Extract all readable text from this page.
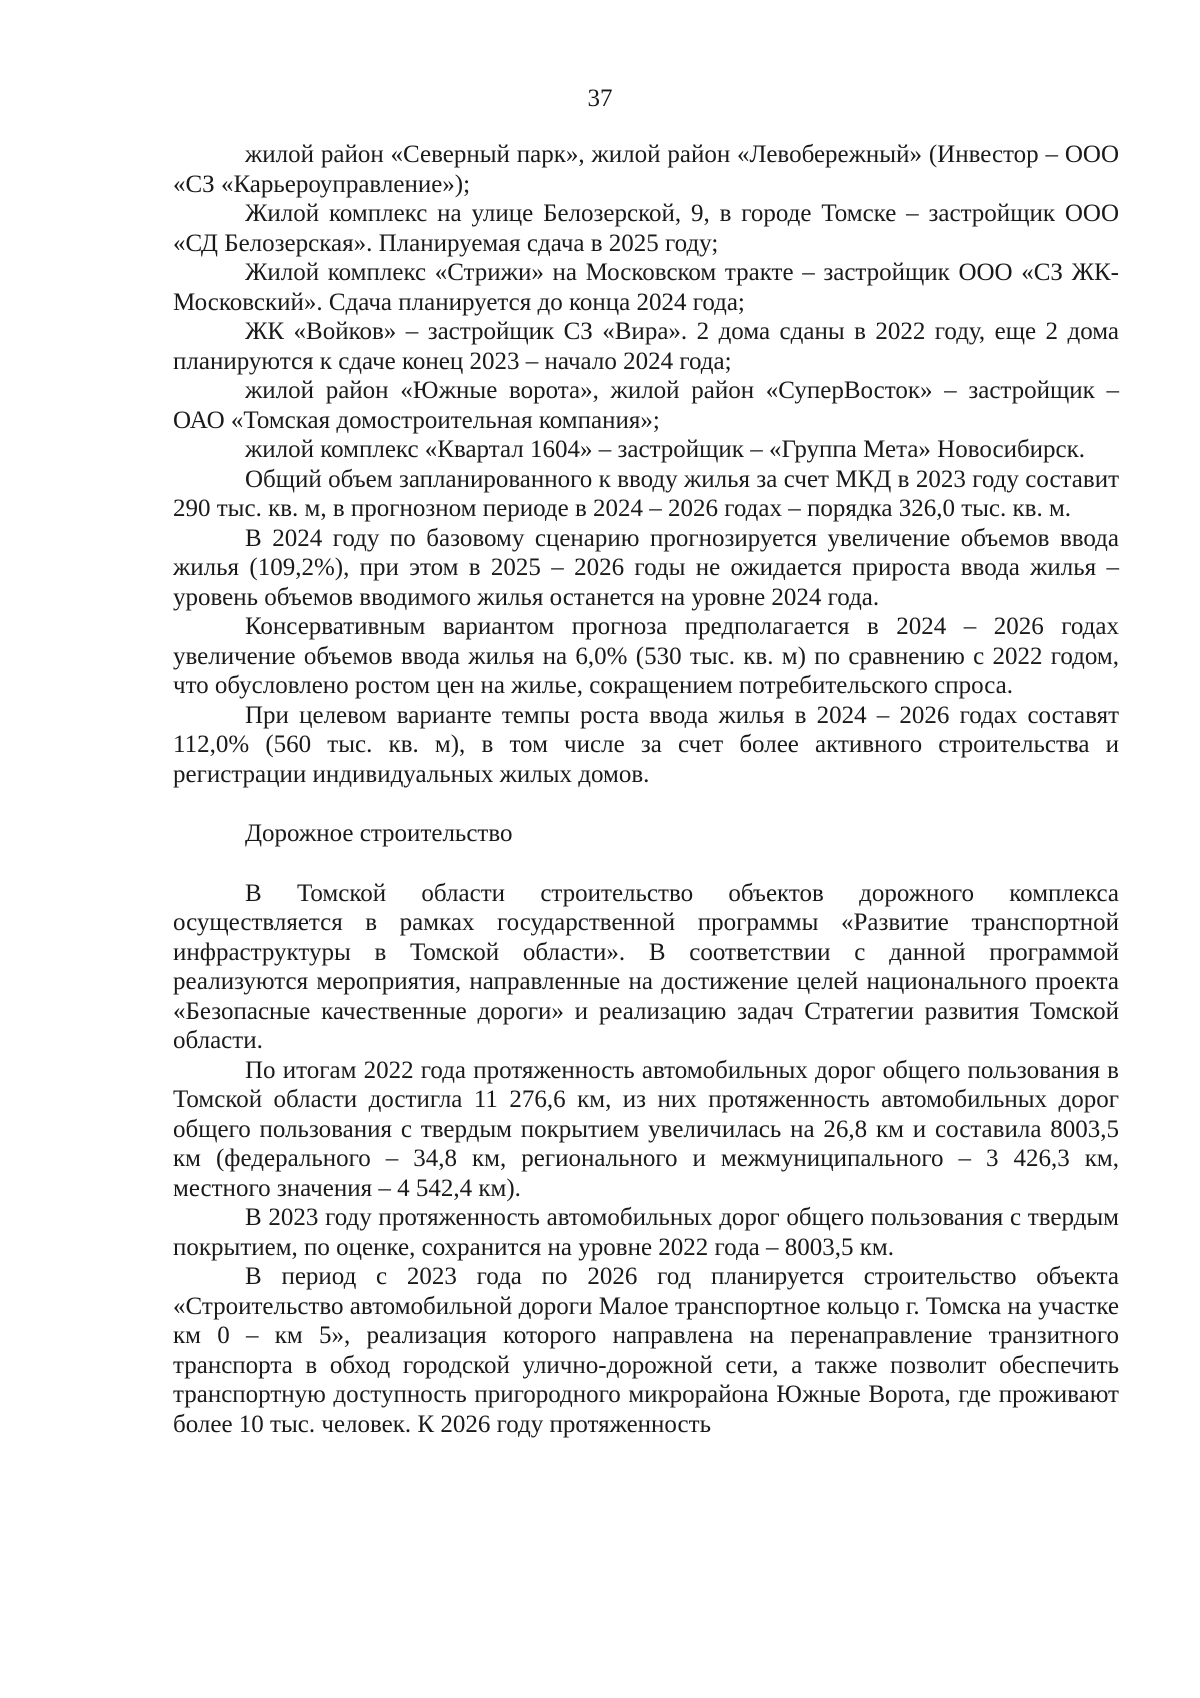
37

жилой район «Северный парк», жилой район «Левобережный» (Инвестор – ООО «СЗ «Карьероуправление»);

Жилой комплекс на улице Белозерской, 9, в городе Томске – застройщик ООО «СД Белозерская». Планируемая сдача в 2025 году;

Жилой комплекс «Стрижи» на Московском тракте – застройщик ООО «СЗ ЖК-Московский». Сдача планируется до конца 2024 года;

ЖК «Войков» – застройщик СЗ «Вира». 2 дома сданы в 2022 году, еще 2 дома планируются к сдаче конец 2023 – начало 2024 года;

жилой район «Южные ворота», жилой район «СуперВосток» – застройщик – ОАО «Томская домостроительная компания»;

жилой комплекс «Квартал 1604» – застройщик – «Группа Мета» Новосибирск.

Общий объем запланированного к вводу жилья за счет МКД в 2023 году составит 290 тыс. кв. м, в прогнозном периоде в 2024 – 2026 годах – порядка 326,0 тыс. кв. м.

В 2024 году по базовому сценарию прогнозируется увеличение объемов ввода жилья (109,2%), при этом в 2025 – 2026 годы не ожидается прироста ввода жилья – уровень объемов вводимого жилья останется на уровне 2024 года.

Консервативным вариантом прогноза предполагается в 2024 – 2026 годах увеличение объемов ввода жилья на 6,0% (530 тыс. кв. м) по сравнению с 2022 годом, что обусловлено ростом цен на жилье, сокращением потребительского спроса.

При целевом варианте темпы роста ввода жилья в 2024 – 2026 годах составят 112,0% (560 тыс. кв. м), в том числе за счет более активного строительства и регистрации индивидуальных жилых домов.

Дорожное строительство

В Томской области строительство объектов дорожного комплекса осуществляется в рамках государственной программы «Развитие транспортной инфраструктуры в Томской области». В соответствии с данной программой реализуются мероприятия, направленные на достижение целей национального проекта «Безопасные качественные дороги» и реализацию задач Стратегии развития Томской области.

По итогам 2022 года протяженность автомобильных дорог общего пользования в Томской области достигла 11 276,6 км, из них протяженность автомобильных дорог общего пользования с твердым покрытием увеличилась на 26,8 км и составила 8003,5 км (федерального – 34,8 км, регионального и межмуниципального – 3 426,3 км, местного значения – 4 542,4 км).

В 2023 году протяженность автомобильных дорог общего пользования с твердым покрытием, по оценке, сохранится на уровне 2022 года – 8003,5 км.

В период с 2023 года по 2026 год планируется строительство объекта «Строительство автомобильной дороги Малое транспортное кольцо г. Томска на участке км 0 – км 5», реализация которого направлена на перенаправление транзитного транспорта в обход городской улично-дорожной сети, а также позволит обеспечить транспортную доступность пригородного микрорайона Южные Ворота, где проживают более 10 тыс. человек. К 2026 году протяженность
